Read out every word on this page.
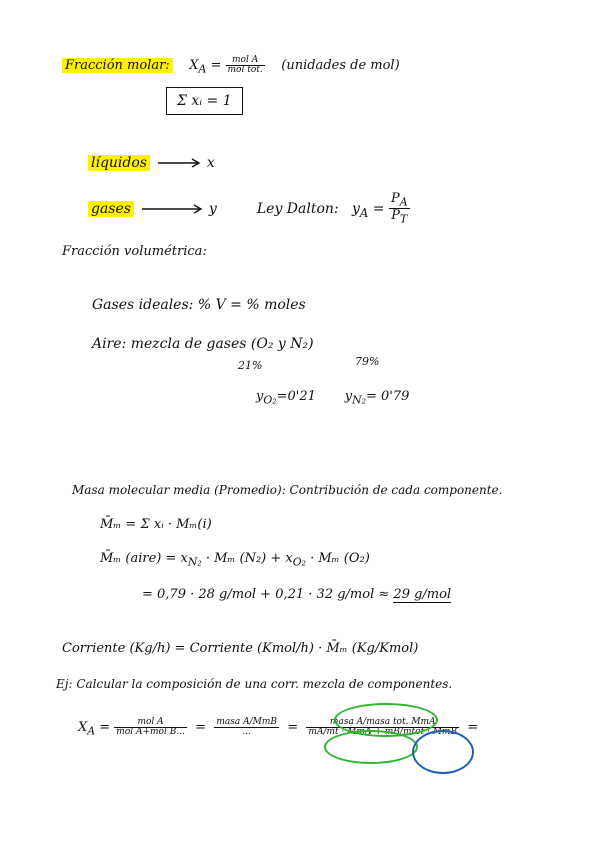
Fracción molar: $X_A = \frac{\text{mol A}}{\text{mol tot.}}$ (unidades de mol)
Σ xᵢ = 1
líquidos	x
gases	y	Ley Dalton: $y_A = \frac{P_A}{P_T}$
Fracción volumétrica:
Gases ideales: % V = % moles
Aire: mezcla de gases (O₂ y N₂)
21%	79%
$y_{O_2}=0'21$ $y_{N_2}= 0'79$
Masa molecular media (Promedio): Contribución de cada componente.
M̄ₘ = Σ xᵢ · Mₘ(i)
M̄ₘ (aire) = $x_{N_2} \cdot M_m$ $(N_2) + x_{O_2} \cdot M_m$ (O₂)
= 0,79 · 28 g/mol + 0,21 · 32 g/mol ≈ 29 g/mol
Corriente (Kg/h) = Corriente (Kmol/h) · M̄ₘ (Kg/Kmol)
Ej: Calcular la composición de una corr. mezcla de componentes.
$X_A = \frac{\text{mol A}}{\text{mol A+mol B...}} = \frac{\text{masa A/MmB}}{...} = \frac{\text{masa A/masa tot. MmA}}{\text{mA/mt · MmA + mB/mtot · MmB}}$ =
